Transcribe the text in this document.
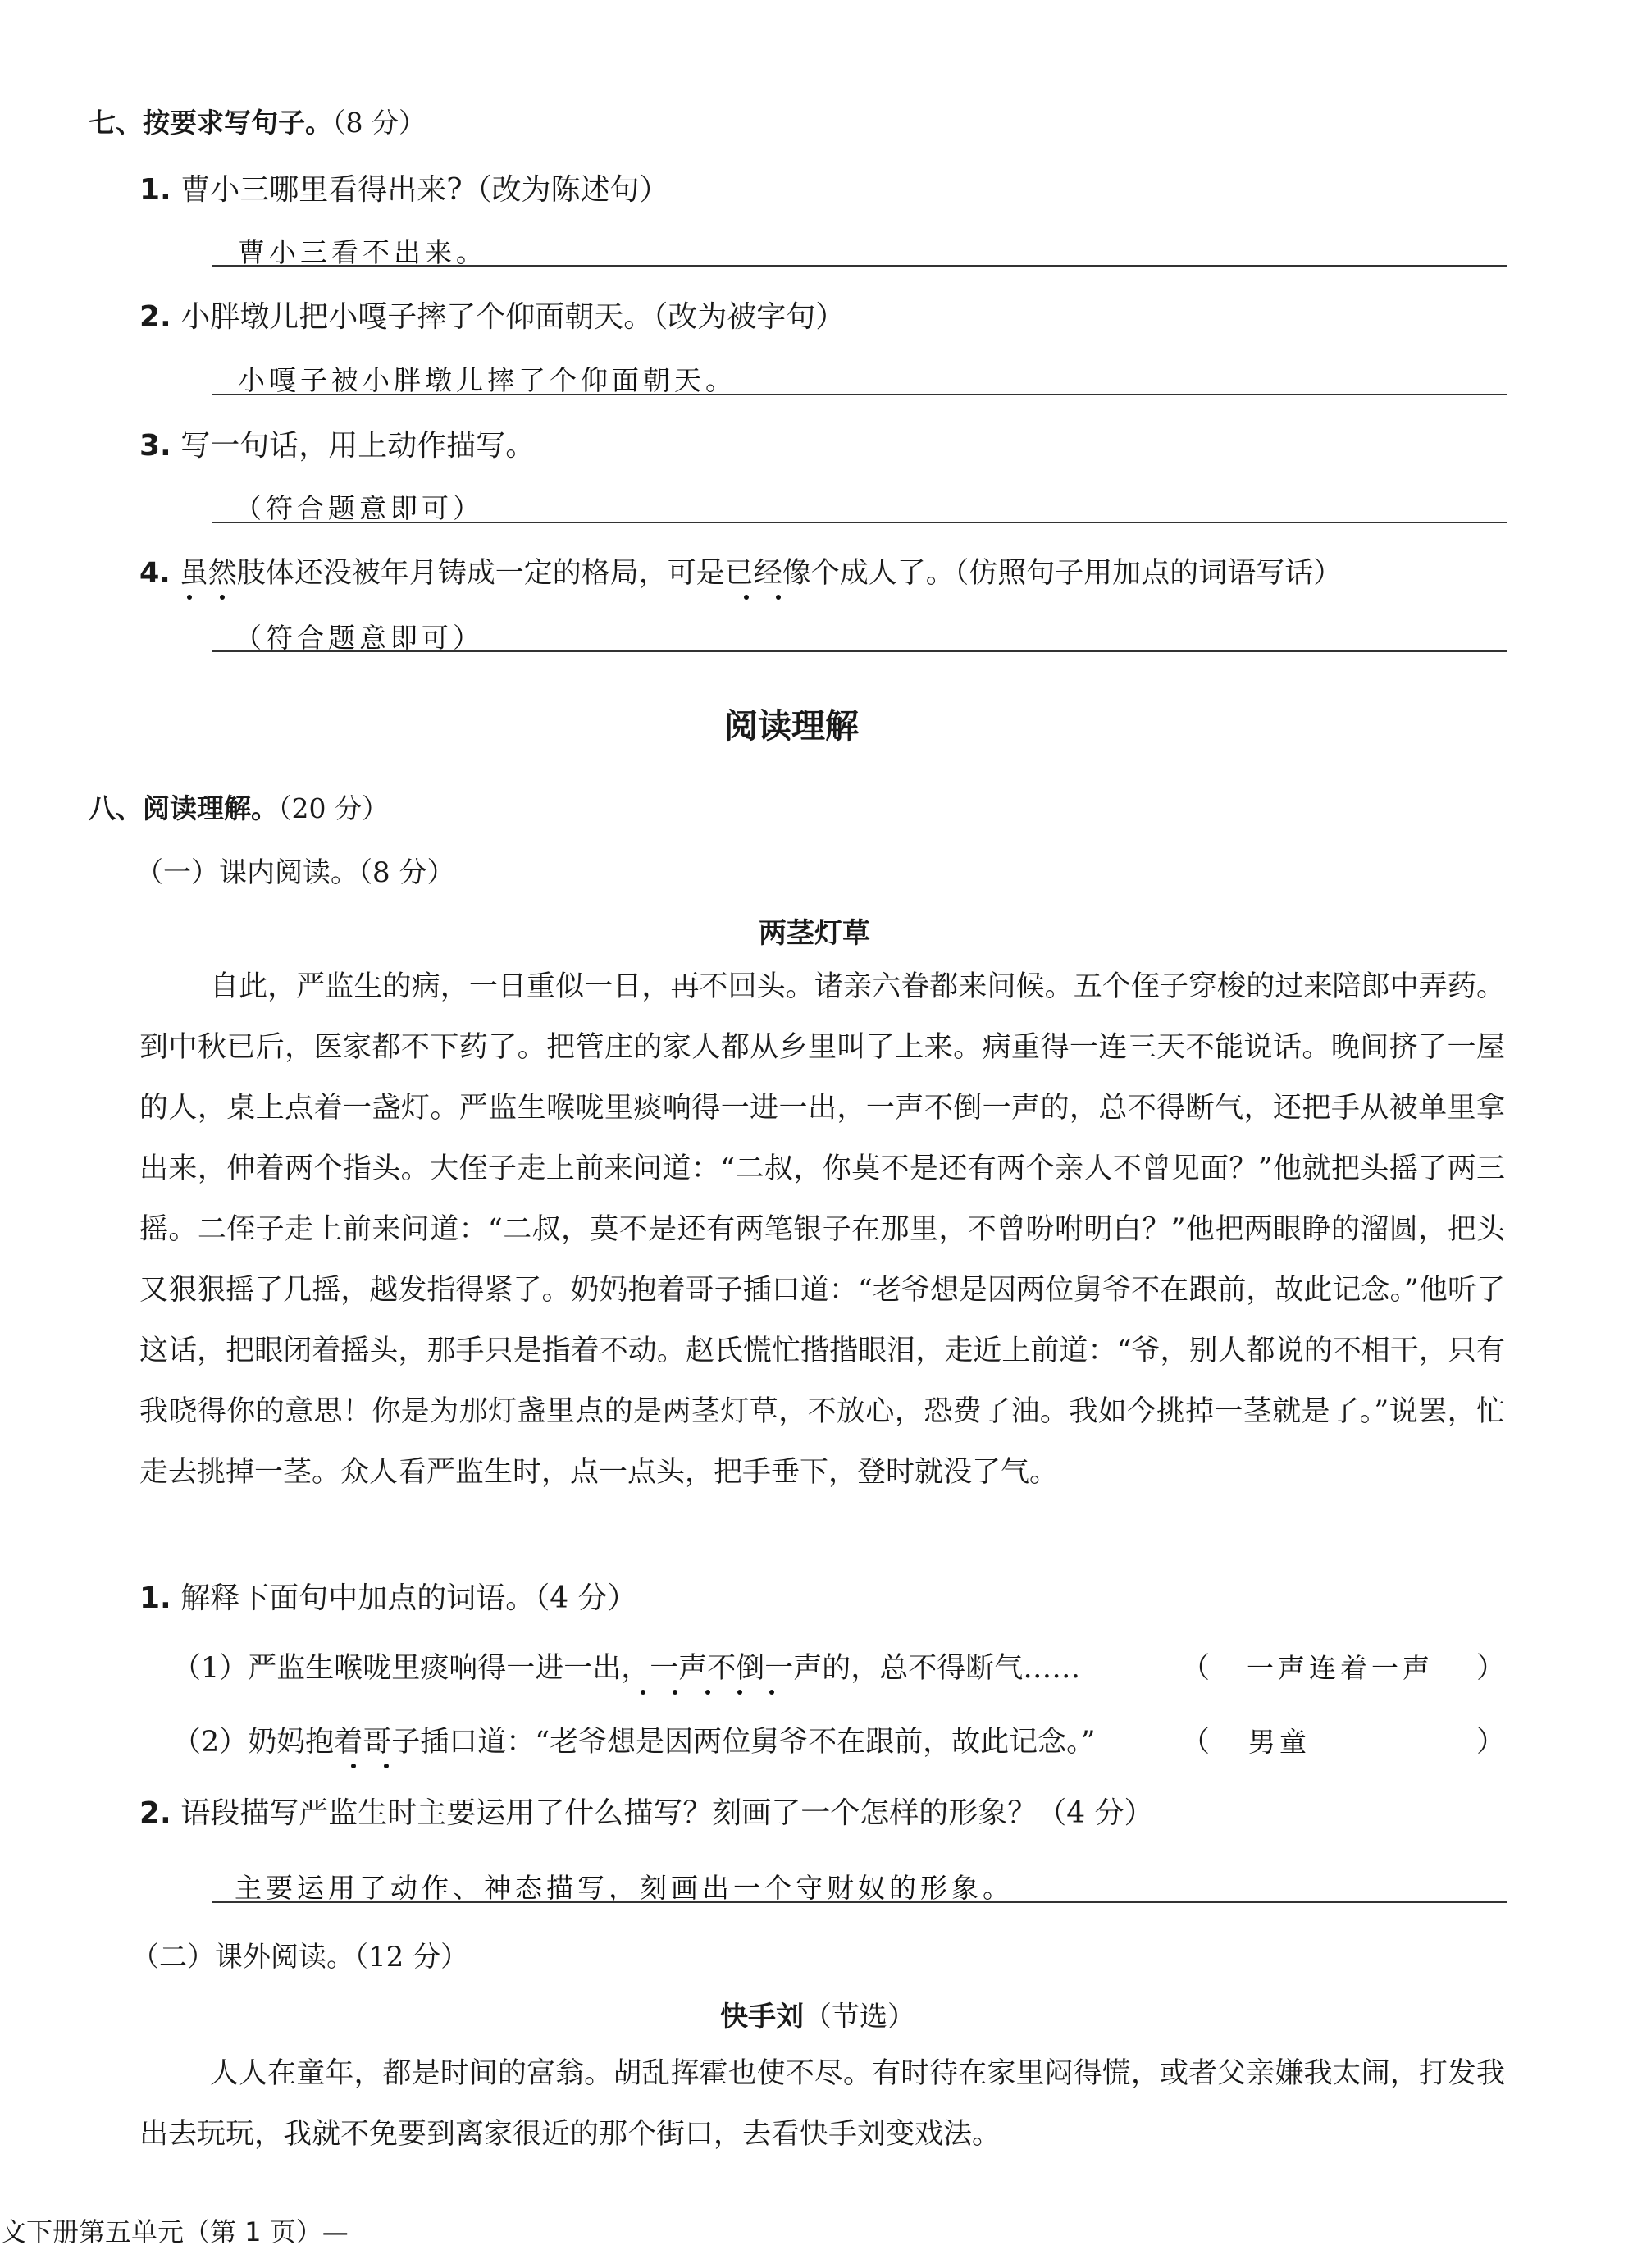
七、按要求写句子。（8 分）
1. 曹小三哪里看得出来?（改为陈述句）
曹小三看不出来。
2. 小胖墩儿把小嘎子摔了个仰面朝天。（改为被字句）
小嘎子被小胖墩儿摔了个仰面朝天。
3. 写一句话，用上动作描写。
（符合题意即可）
4. 虽然肢体还没被年月铸成一定的格局，可是已经像个成人了。（仿照句子用加点的词语写话）
（符合题意即可）
阅读理解
八、阅读理解。（20 分）
（一）课内阅读。（8 分）
两茎灯草

自此，严监生的病，一日重似一日，再不回头。诸亲六眷都来问候。五个侄子穿梭的过来陪郎中弄药。到中秋已后，医家都不下药了。把管庄的家人都从乡里叫了上来。病重得一连三天不能说话。晚间挤了一屋的人，桌上点着一盏灯。严监生喉咙里痰响得一进一出，一声不倒一声的，总不得断气，还把手从被单里拿出来，伸着两个指头。大侄子走上前来问道：“二叔，你莫不是还有两个亲人不曾见面？”他就把头摇了两三摇。二侄子走上前来问道：“二叔，莫不是还有两笔银子在那里，不曾吩咐明白？”他把两眼睁的溜圆，把头又狠狠摇了几摇，越发指得紧了。奶妈抱着哥子插口道：“老爷想是因两位舅爷不在跟前，故此记念。”他听了这话，把眼闭着摇头，那手只是指着不动。赵氏慌忙揩揩眼泪，走近上前道：“爷，别人都说的不相干，只有我晓得你的意思！你是为那灯盏里点的是两茎灯草，不放心，恐费了油。我如今挑掉一茎就是了。”说罢，忙走去挑掉一茎。众人看严监生时，点一点头，把手垂下，登时就没了气。

1. 解释下面句中加点的词语。（4 分）
（1）严监生喉咙里痰响得一进一出，一声不倒一声的，总不得断气……	（ 一声连着一声 ）
（2）奶妈抱着哥子插口道：“老爷想是因两位舅爷不在跟前，故此记念。”	（ 男童	）
2. 语段描写严监生时主要运用了什么描写？刻画了一个怎样的形象？（4 分）
主要运用了动作、神态描写，刻画出一个守财奴的形象。
（二）课外阅读。（12 分）
快手刘（节选）

人人在童年，都是时间的富翁。胡乱挥霍也使不尽。有时待在家里闷得慌，或者父亲嫌我太闹，打发我出去玩玩，我就不免要到离家很近的那个街口，去看快手刘变戏法。

文下册第五单元（第 1 页）—
